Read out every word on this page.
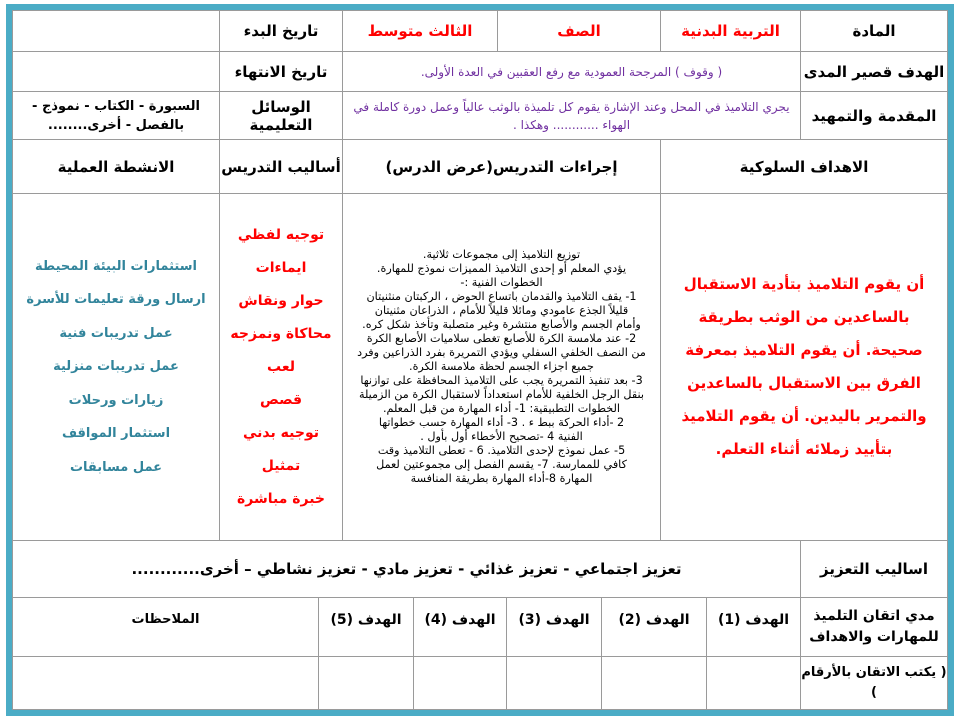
المادة
التربية البدنية
الصف
الثالث متوسط
تاريخ البدء
الهدف قصير المدى
( وقوف ) المرجحة العمودية مع رفع العقبين في العدة الأولى.
تاريخ الانتهاء
المقدمة والتمهيد
يجري التلاميذ في المحل وعند الإشارة يقوم كل تلميذة بالوثب عالياً وعمل دورة كاملة في الهواء ............ وهكذا .
الوسائل التعليمية
السبورة - الكتاب - نموذج - بالفصل - أخرى........
الاهداف السلوكية
إجراءات التدريس(عرض الدرس)
أساليب التدريس
الانشطة العملية
أن يقوم التلاميذ بتأدية الاستقبال بالساعدين من الوثب بطريقة صحيحة. أن يقوم التلاميذ بمعرفة الفرق بين الاستقبال بالساعدين والتمرير باليدين. أن يقوم التلاميذ بتأييد زملائه أثناء التعلم.
توزيع التلاميذ إلى مجموعات ثلاثية.
يؤدي المعلم أو إحدى التلاميذ المميزات نموذج للمهارة.
الخطوات الفنية :-
1- يقف التلاميذ والقدمان باتساع الحوض ، الركبتان منثنيتان
قليلاً الجذع عامودي ومائلا قليلاً للأمام ، الذراعان مثنيتان
وأمام الجسم والأصابع منتشرة وغير متصلبة وتأخذ شكل كره.
2- عند ملامسة الكرة للأصابع تغطى سلاميات الأصابع الكرة
من النصف الخلفي السفلي ويؤدي التمريرة بفرد الذراعين وفرد
جميع اجزاء الجسم لحظة ملامسة الكرة.
3- بعد تنفيذ التمريرة يجب على التلاميذ المحافظة على توازنها
بنقل الرجل الخلفية للأمام استعداداً لاستقبال الكرة من الزميلة
الخطوات التطبيقية: 1- أداء المهارة من قبل المعلم.
2 -أداء الحركة ببط ء . 3- أداء المهارة حسب خطواتها
الفنية 4 -تصحيح الأخطاء أول بأول .
5- عمل نموذج لإحدى التلاميذ. 6 - تعطى التلاميذ وقت
كافي للممارسة. 7- يقسم الفصل إلى مجموعتين لعمل
المهارة 8-أداء المهارة بطريقة المنافسة
توجيه لفظي
ايماءات
حوار ونقاش
محاكاة ونمزجه
لعب
قصص
توجيه بدني
تمثيل
خبرة مباشرة
استثمارات البيئة المحيطة
ارسال ورقة تعليمات للأسرة
عمل تدريبات فنية
عمل تدريبات منزلية
زيارات ورحلات
استثمار المواقف
عمل مسابقات
اساليب التعزيز
تعزيز اجتماعي - تعزيز غذائي - تعزيز مادي - تعزيز نشاطي – أخرى............
مدي اتقان التلميذ للمهارات والاهداف
الهدف (1)
الهدف (2)
الهدف (3)
الهدف (4)
الهدف (5)
الملاحظات
( يكتب الاتقان بالأرقام )
